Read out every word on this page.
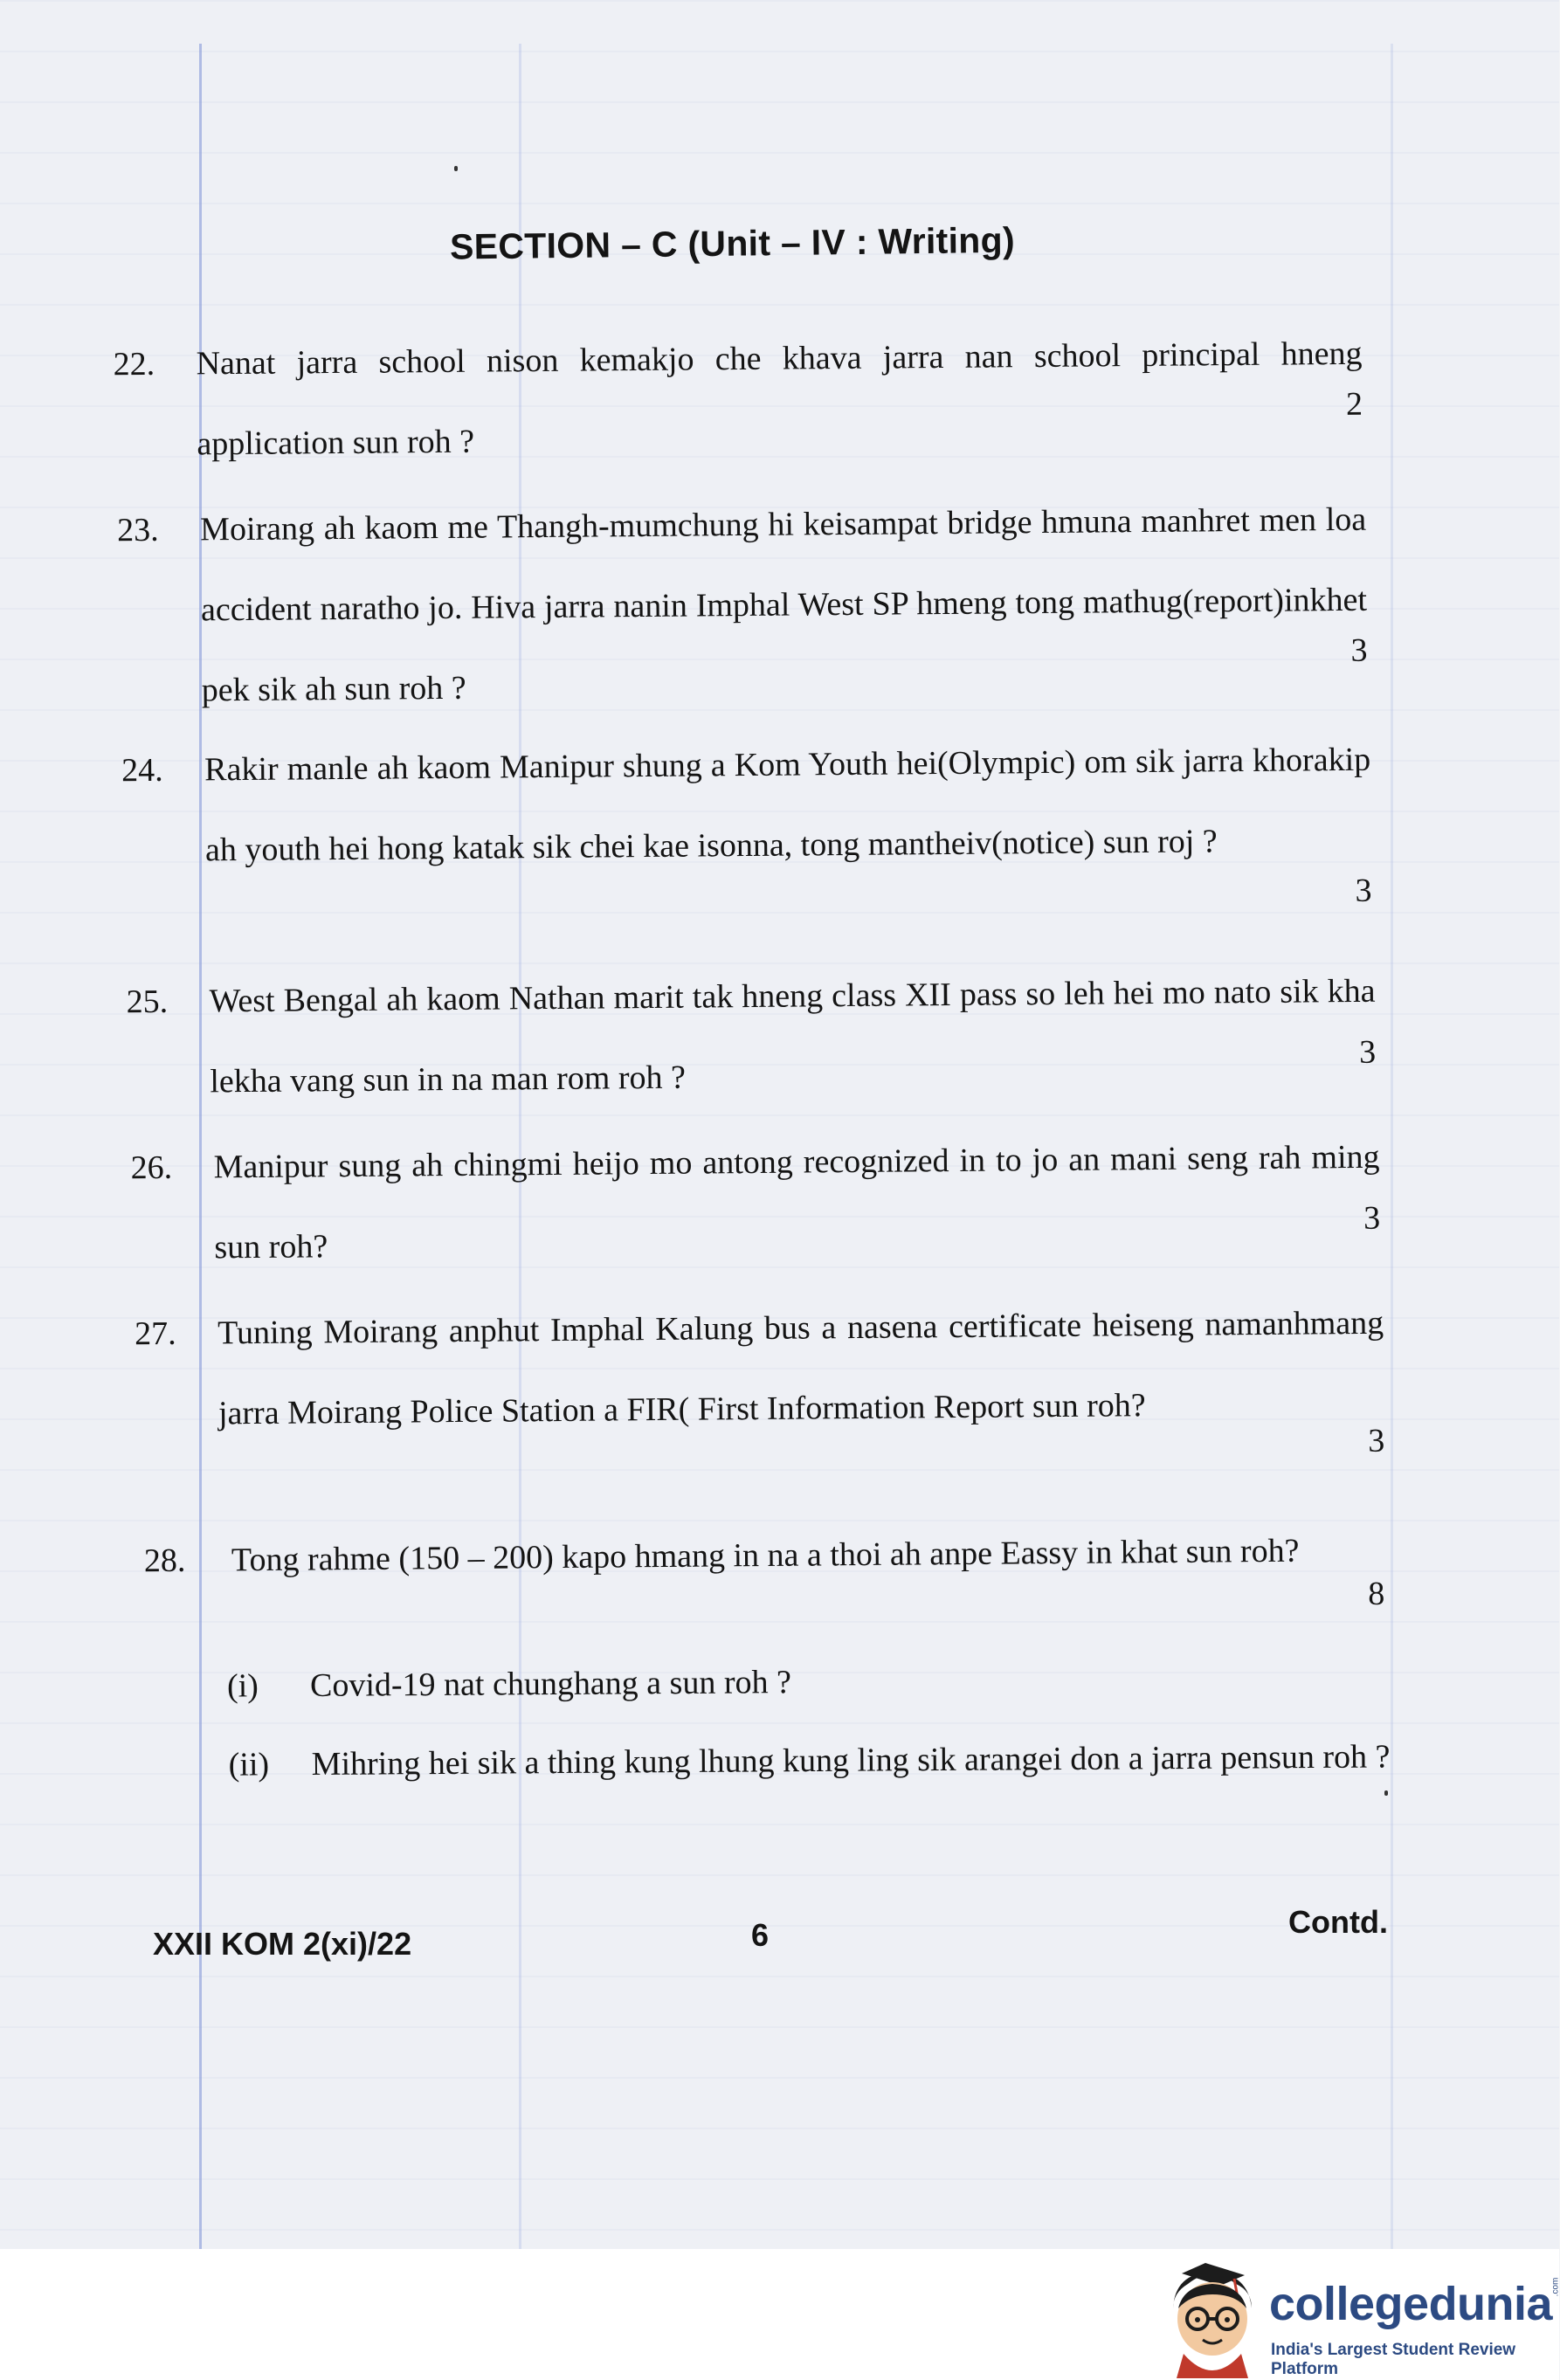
SECTION – C (Unit – IV : Writing)
22. Nanat jarra school nison kemakjo che khava jarra nan school principal hneng application sun roh ?
2
23. Moirang ah kaom me Thangh-mumchung hi keisampat bridge hmuna manhret men loa accident naratho jo. Hiva jarra nanin Imphal West SP hmeng tong mathug(report)inkhet pek sik ah sun roh ?
3
24. Rakir manle ah kaom Manipur shung a Kom Youth hei(Olympic) om sik jarra khorakip ah youth hei hong katak sik chei kae isonna, tong mantheiv(notice) sun roj ?
3
25. West Bengal ah kaom Nathan marit tak hneng class XII pass so leh hei mo nato sik kha lekha vang sun in na man rom roh ?
3
26. Manipur sung ah chingmi heijo mo antong recognized in to jo an mani seng rah ming sun roh?
3
27. Tuning Moirang anphut Imphal Kalung bus a nasena certificate heiseng namanhmang jarra Moirang Police Station a FIR( First Information Report sun roh?
3
28. Tong rahme (150 – 200) kapo hmang in na a thoi ah anpe Eassy in khat sun roh?
8
(i) Covid-19 nat chunghang a sun roh ?
(ii) Mihring hei sik a thing kung lhung kung ling sik arangei don a jarra pensun roh ?
XXII KOM 2(xi)/22	6	Contd.
collegedunia
.com
India's Largest Student Review Platform
